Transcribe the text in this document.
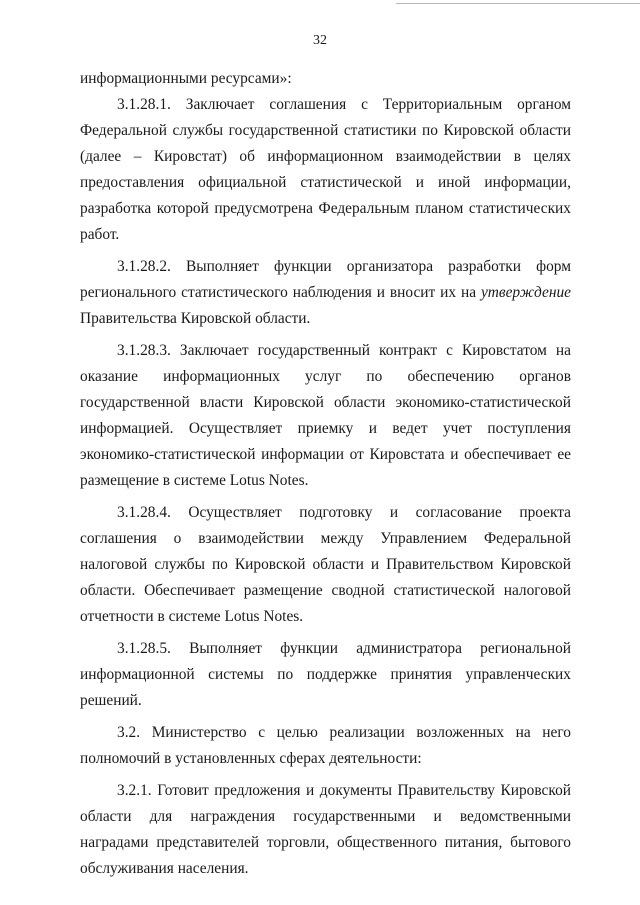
32

информационными ресурсами»:

3.1.28.1. Заключает соглашения с Территориальным органом Федеральной службы государственной статистики по Кировской области (далее – Кировстат) об информационном взаимодействии в целях предоставления официальной статистической и иной информации, разработка которой предусмотрена Федеральным планом статистических работ.

3.1.28.2. Выполняет функции организатора разработки форм регионального статистического наблюдения и вносит их на утверждение Правительства Кировской области.

3.1.28.3. Заключает государственный контракт с Кировстатом на оказание информационных услуг по обеспечению органов государственной власти Кировской области экономико-статистической информацией. Осуществляет приемку и ведет учет поступления экономико-статистической информации от Кировстата и обеспечивает ее размещение в системе Lotus Notes.

3.1.28.4. Осуществляет подготовку и согласование проекта соглашения о взаимодействии между Управлением Федеральной налоговой службы по Кировской области и Правительством Кировской области. Обеспечивает размещение сводной статистической налоговой отчетности в системе Lotus Notes.

3.1.28.5. Выполняет функции администратора региональной информационной системы по поддержке принятия управленческих решений.

3.2. Министерство с целью реализации возложенных на него полномочий в установленных сферах деятельности:

3.2.1. Готовит предложения и документы Правительству Кировской области для награждения государственными и ведомственными наградами представителей торговли, общественного питания, бытового обслуживания населения.
